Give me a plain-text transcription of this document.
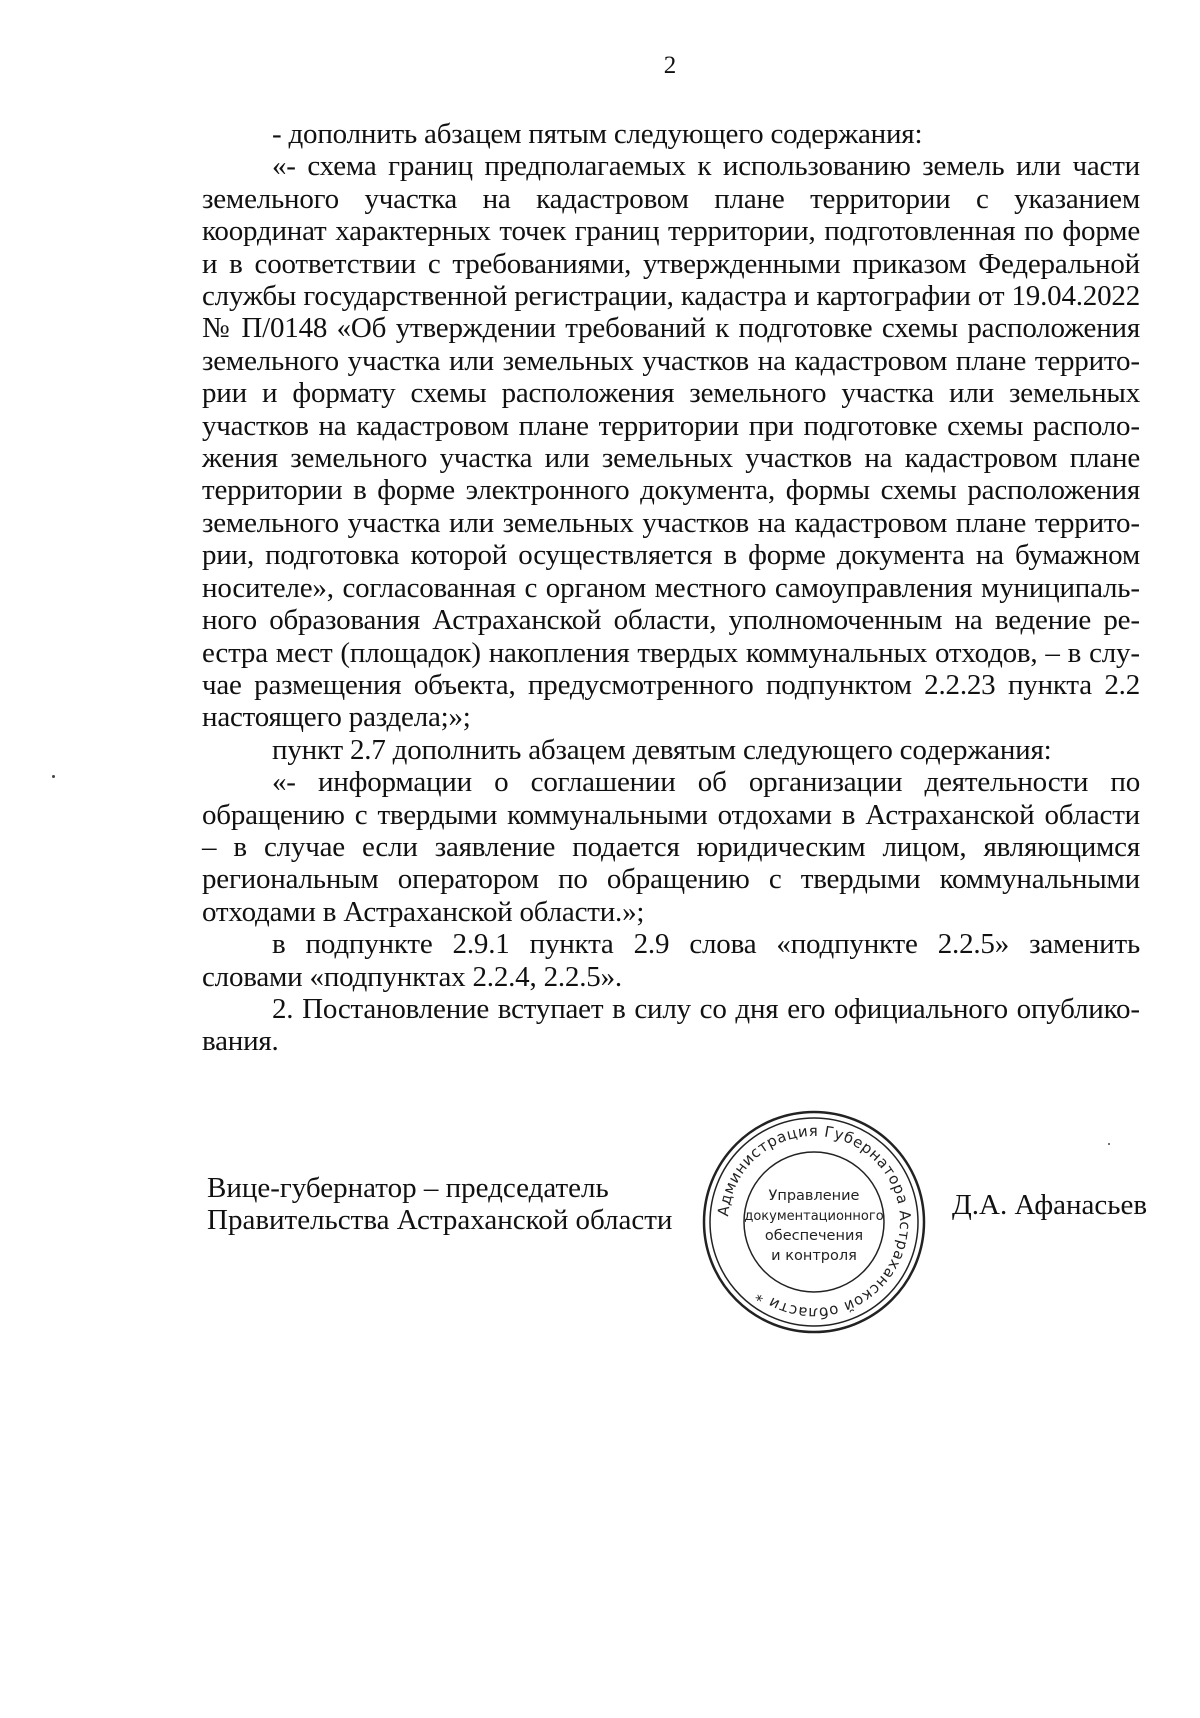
2

- дополнить абзацем пятым следующего содержания:

«- схема границ предполагаемых к использованию земель или части земельного участка на кадастровом плане территории с указанием координат характерных точек границ территории, подготовленная по форме и в соответствии с требованиями, утвержденными приказом Федеральной службы государственной регистрации, кадастра и картографии от 19.04.2022 № П/0148 «Об утверждении требований к подготовке схемы расположения земельного участка или земельных участков на кадастровом плане территории и формату схемы расположения земельного участка или земельных участков на кадастровом плане территории при подготовке схемы расположения земельного участка или земельных участков на кадастровом плане территории в форме электронного документа, формы схемы расположения земельного участка или земельных участков на кадастровом плане территории, подготовка которой осуществляется в форме документа на бумажном носителе», согласованная с органом местного самоуправления муниципального образования Астраханской области, уполномоченным на ведение реестра мест (площадок) накопления твердых коммунальных отходов, – в случае размещения объекта, предусмотренного подпунктом 2.2.23 пункта 2.2 настоящего раздела;»;

пункт 2.7 дополнить абзацем девятым следующего содержания:

«- информации о соглашении об организации деятельности по обращению с твердыми коммунальными отдохами в Астраханской области – в случае если заявление подается юридическим лицом, являющимся региональным оператором по обращению с твердыми коммунальными отходами в Астраханской области.»;

в подпункте 2.9.1 пункта 2.9 слова «подпункте 2.2.5» заменить словами «подпунктах 2.2.4, 2.2.5».

2. Постановление вступает в силу со дня его официального опубликования.

Вице-губернатор – председатель
Правительства Астраханской области	Администрация Губернатора Астраханской области *
Управление
документационного
обеспечения
и контроля
Д.А. Афанасьев
